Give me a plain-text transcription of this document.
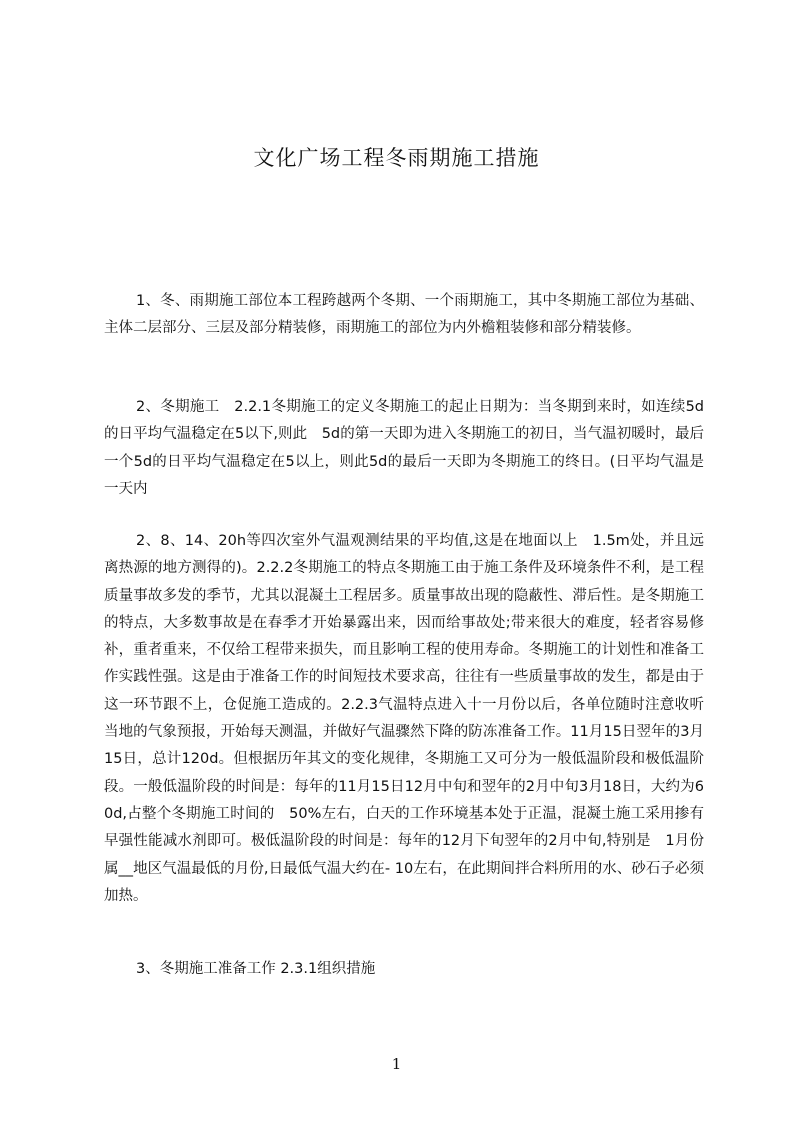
文化广场工程冬雨期施工措施

1、冬、雨期施工部位本工程跨越两个冬期、一个雨期施工，其中冬期施工部位为基础、主体二层部分、三层及部分精装修，雨期施工的部位为内外檐粗装修和部分精装修。

2、冬期施工　2.2.1冬期施工的定义冬期施工的起止日期为：当冬期到来时，如连续5d的日平均气温稳定在5以下,则此　5d的第一天即为进入冬期施工的初日，当气温初暖时，最后一个5d的日平均气温稳定在5以上，则此5d的最后一天即为冬期施工的终日。(日平均气温是一天内

2、8、14、20h等四次室外气温观测结果的平均值,这是在地面以上　1.5m处，并且远离热源的地方测得的)。2.2.2冬期施工的特点冬期施工由于施工条件及环境条件不利，是工程质量事故多发的季节，尤其以混凝土工程居多。质量事故出现的隐蔽性、滞后性。是冬期施工的特点，大多数事故是在春季才开始暴露出来，因而给事故处;带来很大的难度，轻者容易修补，重者重来，不仅给工程带来损失，而且影响工程的使用寿命。冬期施工的计划性和准备工作实践性强。这是由于准备工作的时间短技术要求高，往往有一些质量事故的发生，都是由于这一环节跟不上，仓促施工造成的。2.2.3气温特点进入十一月份以后，各单位随时注意收听当地的气象预报，开始每天测温，并做好气温骤然下降的防冻准备工作。11月15日翌年的3月15日，总计120d。但根据历年其文的变化规律，冬期施工又可分为一般低温阶段和极低温阶段。一般低温阶段的时间是：每年的11月15日12月中旬和翌年的2月中旬3月18日，大约为60d,占整个冬期施工时间的　50%左右，白天的工作环境基本处于正温，混凝土施工采用掺有早强性能减水剂即可。极低温阶段的时间是：每年的12月下旬翌年的2月中旬,特别是　1月份属__地区气温最低的月份,日最低气温大约在- 10左右，在此期间拌合料所用的水、砂石子必须加热。

3、冬期施工准备工作 2.3.1组织措施

1
